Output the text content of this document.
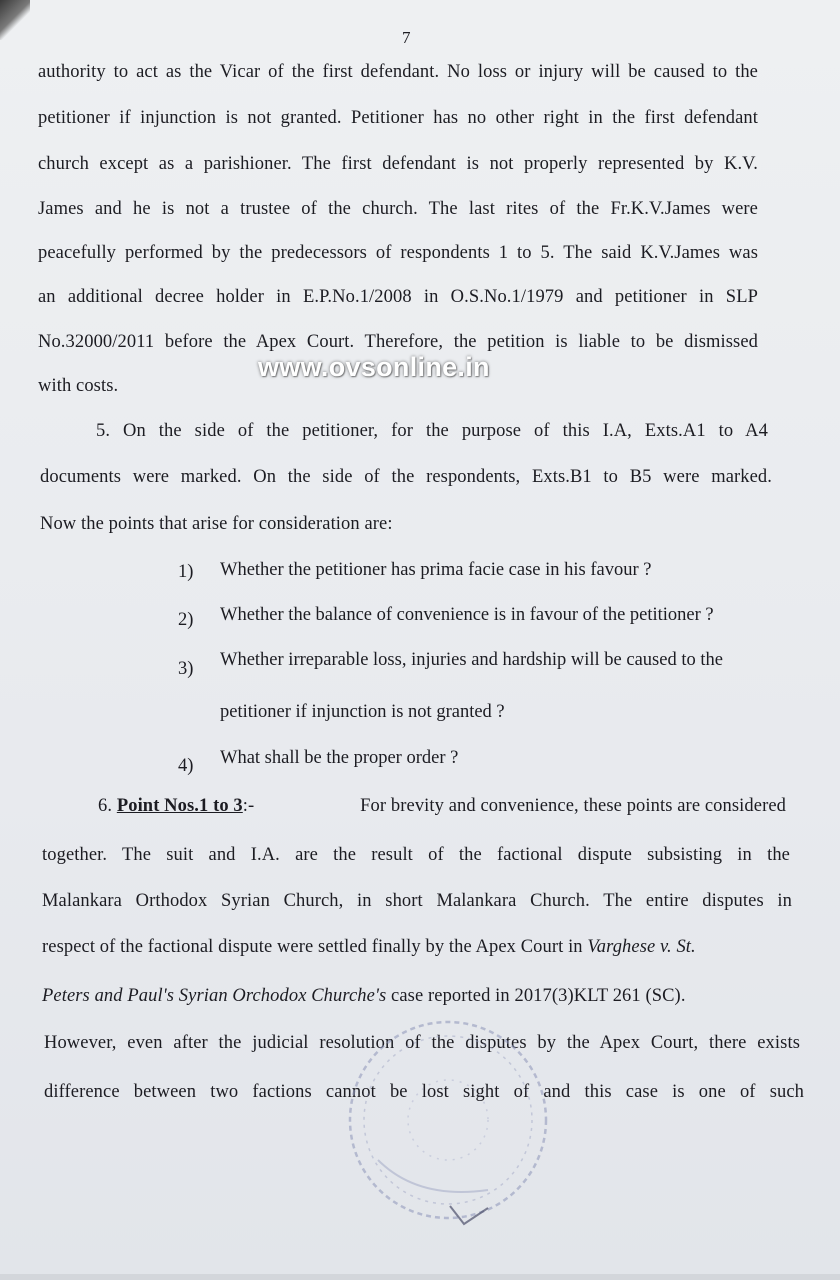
7
authority to act as the Vicar of the first defendant. No loss or injury will be caused to the
petitioner if injunction is not granted. Petitioner has no other right in the first defendant
church except as a parishioner. The first defendant is not properly represented by K.V.
James and he is not a trustee of the church. The last rites of the Fr.K.V.James were
peacefully performed by the predecessors of respondents 1 to 5. The said K.V.James was
an additional decree holder in E.P.No.1/2008 in O.S.No.1/1979 and petitioner in SLP
No.32000/2011 before the Apex Court. Therefore, the petition is liable to be dismissed
with costs.
www.ovsonline.in
5. On the side of the petitioner, for the purpose of this I.A, Exts.A1 to A4
documents were marked. On the side of the respondents, Exts.B1 to B5 were marked.
Now the points that arise for consideration are:
1) Whether the petitioner has prima facie case in his favour ?
2) Whether the balance of convenience is in favour of the petitioner ?
3) Whether irreparable loss, injuries and hardship will be caused to the
petitioner if injunction is not granted ?
4) What shall be the proper order ?
6. Point Nos.1 to 3:-	For brevity and convenience, these points are considered
together. The suit and I.A. are the result of the factional dispute subsisting in the
Malankara Orthodox Syrian Church, in short Malankara Church. The entire disputes in
respect of the factional dispute were settled finally by the Apex Court in Varghese v. St.
Peters and Paul's Syrian Orchodox Churche's case reported in 2017(3)KLT 261 (SC).
However, even after the judicial resolution of the disputes by the Apex Court, there exists
difference between two factions cannot be lost sight of and this case is one of such
